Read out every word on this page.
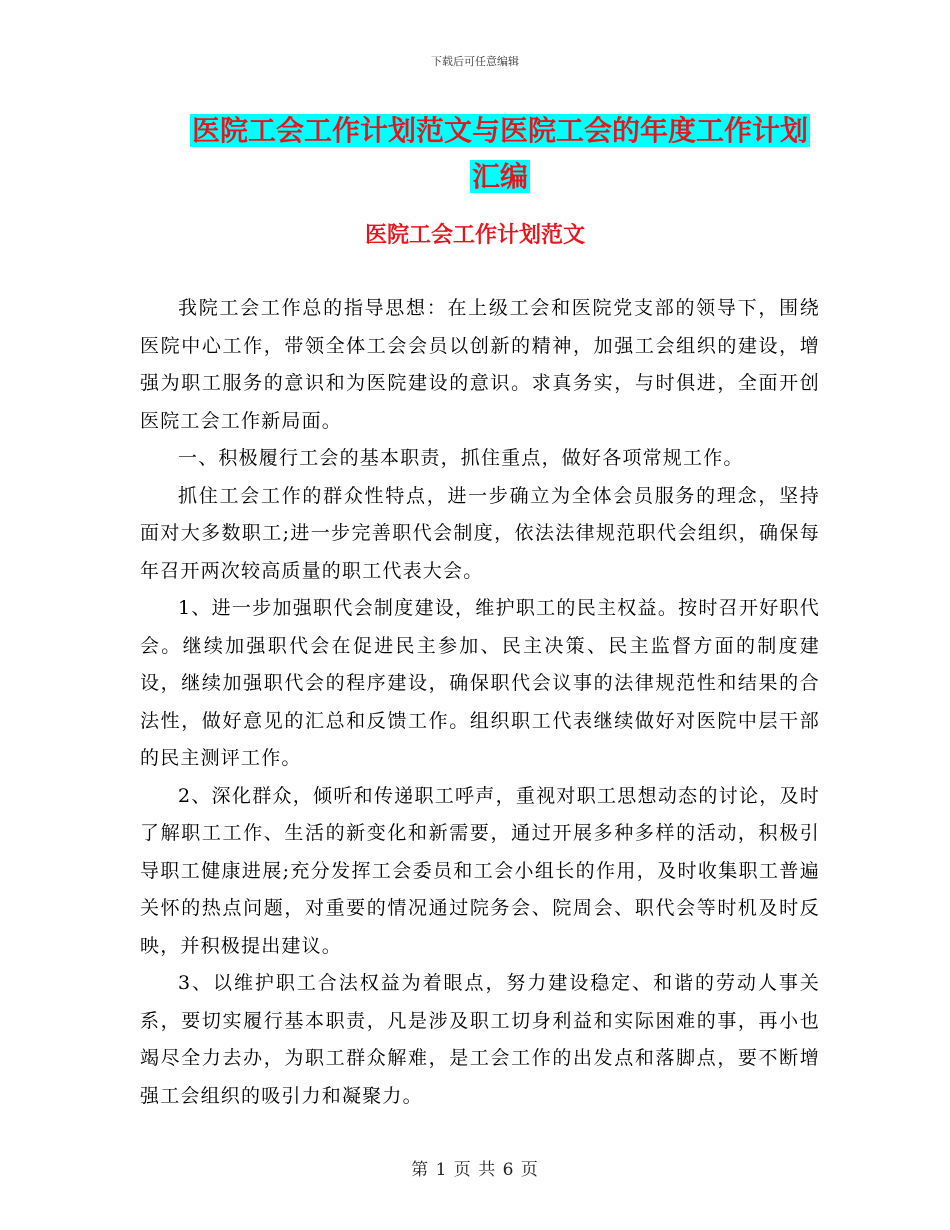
下载后可任意编辑
医院工会工作计划范文与医院工会的年度工作计划汇编
医院工会工作计划范文

我院工会工作总的指导思想：在上级工会和医院党支部的领导下，围绕医院中心工作，带领全体工会会员以创新的精神，加强工会组织的建设，增强为职工服务的意识和为医院建设的意识。求真务实，与时俱进，全面开创医院工会工作新局面。

一、积极履行工会的基本职责，抓住重点，做好各项常规工作。

抓住工会工作的群众性特点，进一步确立为全体会员服务的理念，坚持面对大多数职工;进一步完善职代会制度，依法法律规范职代会组织，确保每年召开两次较高质量的职工代表大会。

1、进一步加强职代会制度建设，维护职工的民主权益。按时召开好职代会。继续加强职代会在促进民主参加、民主决策、民主监督方面的制度建设，继续加强职代会的程序建设，确保职代会议事的法律规范性和结果的合法性，做好意见的汇总和反馈工作。组织职工代表继续做好对医院中层干部的民主测评工作。

2、深化群众，倾听和传递职工呼声，重视对职工思想动态的讨论，及时了解职工工作、生活的新变化和新需要，通过开展多种多样的活动，积极引导职工健康进展;充分发挥工会委员和工会小组长的作用，及时收集职工普遍关怀的热点问题，对重要的情况通过院务会、院周会、职代会等时机及时反映，并积极提出建议。

3、以维护职工合法权益为着眼点，努力建设稳定、和谐的劳动人事关系，要切实履行基本职责，凡是涉及职工切身利益和实际困难的事，再小也竭尽全力去办，为职工群众解难，是工会工作的出发点和落脚点，要不断增强工会组织的吸引力和凝聚力。

第 1 页 共 6 页
